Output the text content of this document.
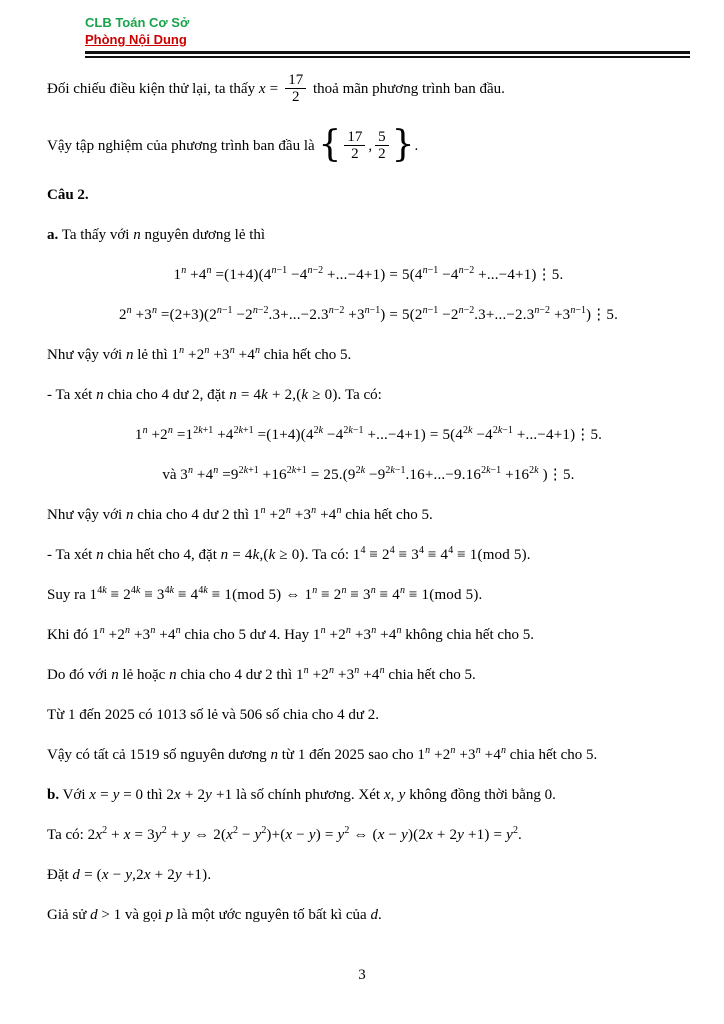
CLB Toán Cơ Sở
Phòng Nội Dung
Đối chiếu điều kiện thử lại, ta thấy $x = \frac{17}{2}$ thoả mãn phương trình ban đầu.
Vậy tập nghiệm của phương trình ban đầu là { $\frac{17}{2}$ , $\frac{5}{2}$ }.
Câu 2.
a. Ta thấy với n nguyên dương lẻ thì
$1^n +4^n =(1+4)(4^{n-1} -4^{n-2} +...-4+1) = 5(4^{n-1} -4^{n-2}$ +...−4+1)⋮5.
$2^n +3^n =(2+3)(2^{n-1} -2^{n-2}.3+...-2.3^{n-2} +3^{n-1}) = 5(2^{n-1} -2^{n-2}.3+...-2.3^{n-2}$ $+3^{n-1})⋮5$.
Như vậy với n lẻ thì $1^n +2^n +3^n +4^n$ chia hết cho 5.
- Ta xét n chia cho 4 dư 2, đặt n = 4k + 2,(k ≥ 0). Ta có:
$1^n +2^n =1^{2k+1} +4^{2k+1} =(1+4)(4^{2k} -4^{2k-1} +...-4+1) = 5(4^{2k} -4^{2k-1}$ +...−4+1)⋮5.
và $3^n +4^n =9^{2k+1} +16^{2k+1} = 25.(9^{2k} -9^{2k-1}.16+...-9.16^{2k-1} +16^{2k}$ )⋮5.
Như vậy với n chia cho 4 dư 2 thì $1^n +2^n +3^n +4^n$ chia hết cho 5.
- Ta xét n chia hết cho 4, đặt n = 4k,(k ≥ 0). Ta có: $1^4 \equiv 2^4 \equiv 3^4 \equiv 4^4 \equiv 1(mod$ 5).
Suy ra $1^{4k} \equiv 2^{4k} \equiv 3^{4k} \equiv 4^{4k} \equiv 1(mod$ 5) ⇔ $1^n \equiv 2^n \equiv 3^n \equiv 4^n \equiv 1(mod$ 5).
Khi đó $1^n +2^n +3^n +4^n$ chia cho 5 dư 4. Hay $1^n +2^n +3^n +4^n$ không chia hết cho 5.
Do đó với n lẻ hoặc n chia cho 4 dư 2 thì $1^n +2^n +3^n +4^n$ chia hết cho 5.
Từ 1 đến 2025 có 1013 số lẻ và 506 số chia cho 4 dư 2.
Vậy có tất cả 1519 số nguyên dương n từ 1 đến 2025 sao cho $1^n +2^n +3^n +4^n$ chia hết cho 5.
b. Với x = y = 0 thì 2x + 2y +1 là số chính phương. Xét x, y không đồng thời bằng 0.
Ta có: $2x^2 + x = 3y^2 + y$ ⇔ $2(x^2 - y^2)+(x - y) = y^2$ ⇔ $(x - y)(2x + 2y +1) = y^2$.
Đặt d = (x − y,2x + 2y +1).
Giả sử d > 1 và gọi p là một ước nguyên tố bất kì của d.
3
